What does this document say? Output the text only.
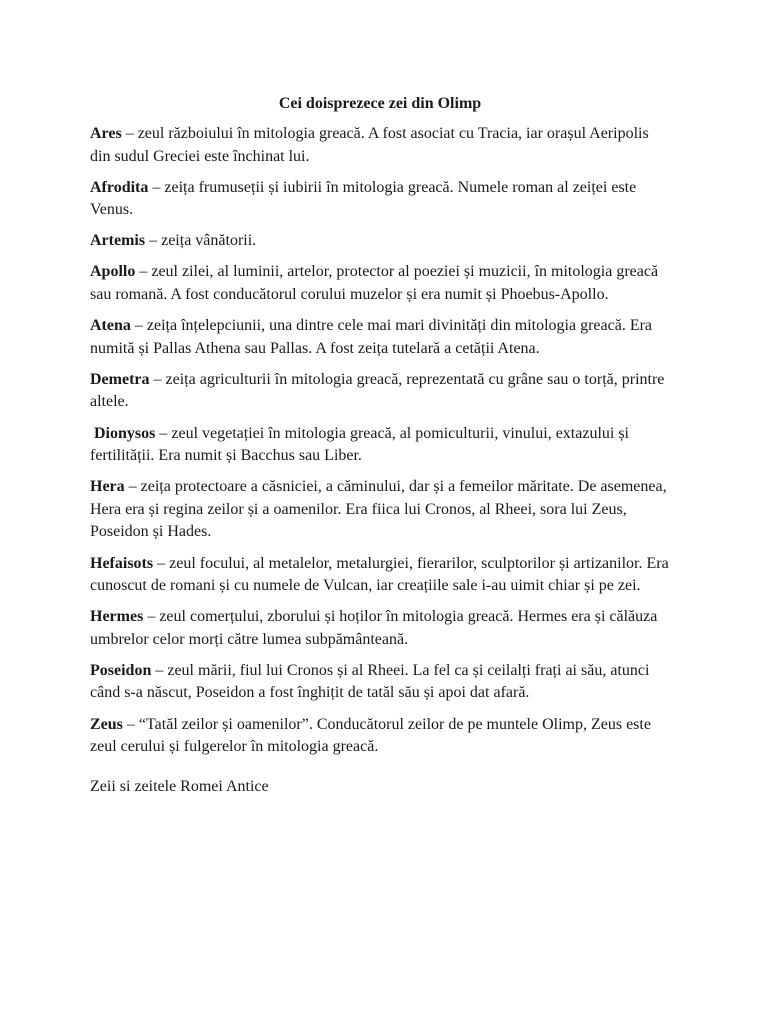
Cei doisprezece zei din Olimp

Ares – zeul războiului în mitologia greacă. A fost asociat cu Tracia, iar orașul Aeripolis din sudul Greciei este închinat lui.

Afrodita – zeița frumuseții și iubirii în mitologia greacă. Numele roman al zeiței este Venus.

Artemis – zeița vânătorii.

Apollo – zeul zilei, al luminii, artelor, protector al poeziei și muzicii, în mitologia greacă sau romană. A fost conducătorul corului muzelor și era numit și Phoebus-Apollo.

Atena – zeița înțelepciunii, una dintre cele mai mari divinități din mitologia greacă. Era numită și Pallas Athena sau Pallas. A fost zeița tutelară a cetății Atena.

Demetra – zeița agriculturii în mitologia greacă, reprezentată cu grâne sau o torță, printre altele.

Dionysos – zeul vegetației în mitologia greacă, al pomiculturii, vinului, extazului și fertilității. Era numit și Bacchus sau Liber.

Hera – zeița protectoare a căsniciei, a căminului, dar și a femeilor măritate. De asemenea, Hera era și regina zeilor și a oamenilor. Era fiica lui Cronos, al Rheei, sora lui Zeus, Poseidon și Hades.

Hefaisots – zeul focului, al metalelor, metalurgiei, fierarilor, sculptorilor și artizanilor. Era cunoscut de romani și cu numele de Vulcan, iar creațiile sale i-au uimit chiar și pe zei.

Hermes – zeul comerțului, zborului și hoților în mitologia greacă. Hermes era și călăuza umbrelor celor morți către lumea subpământeană.

Poseidon – zeul mării, fiul lui Cronos și al Rheei. La fel ca și ceilalți frați ai său, atunci când s-a născut, Poseidon a fost înghițit de tatăl său și apoi dat afară.

Zeus – “Tatăl zeilor și oamenilor”. Conducătorul zeilor de pe muntele Olimp, Zeus este zeul cerului și fulgerelor în mitologia greacă.

Zeii si zeitele Romei Antice
